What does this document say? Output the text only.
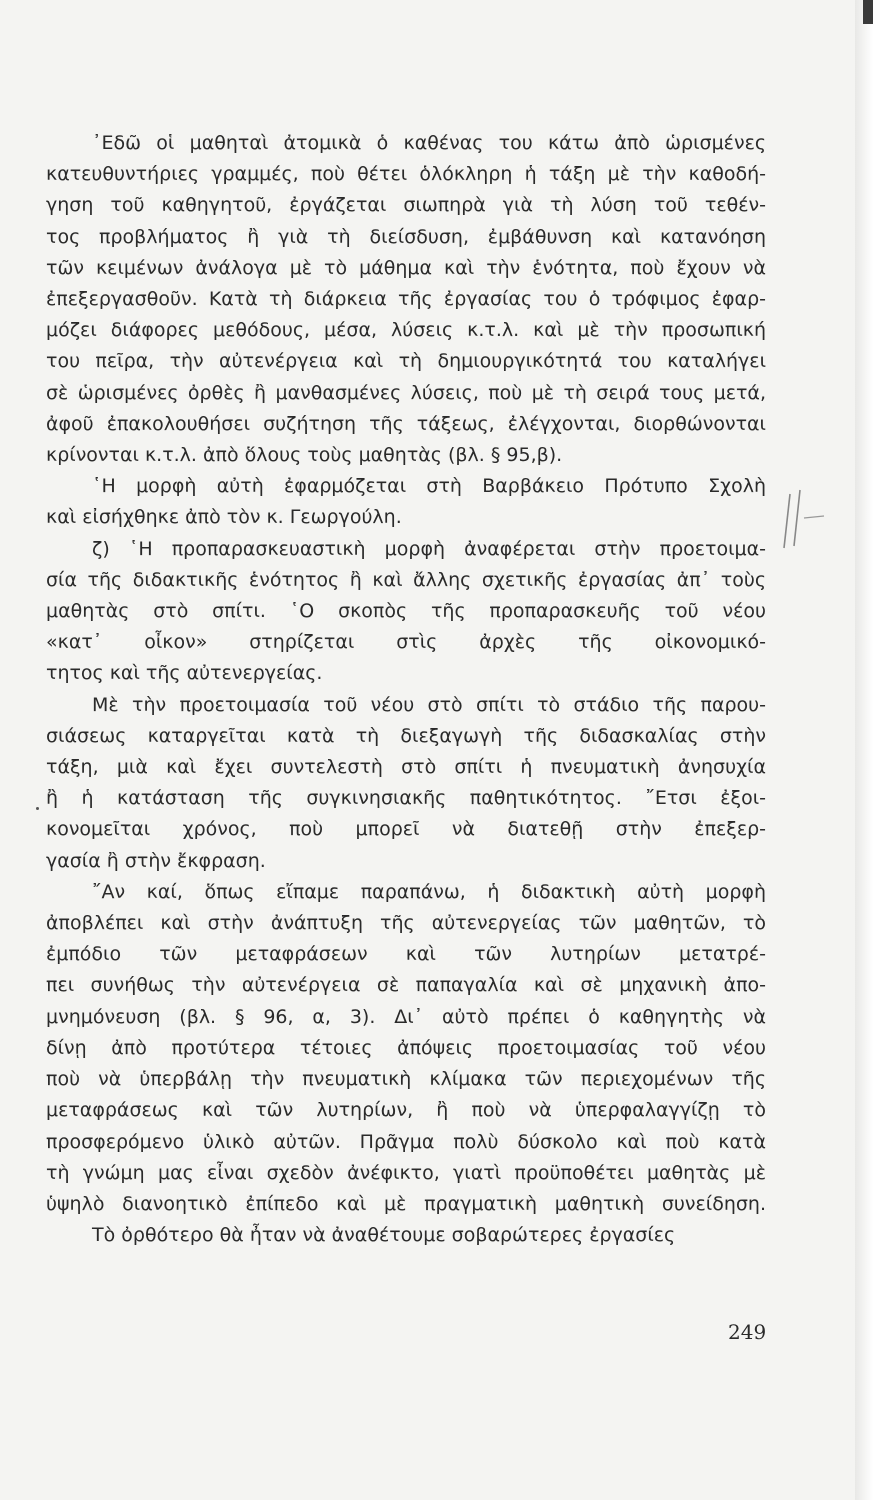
᾿Εδῶ οἱ μαθηταὶ ἀτομικὰ ὁ καθένας του κάτω ἀπὸ ὡρισμένες
κατευθυντήριες γραμμές, ποὺ θέτει ὁλόκληρη ἡ τάξη μὲ τὴν καθοδή-
γηση τοῦ καθηγητοῦ, ἐργάζεται σιωπηρὰ γιὰ τὴ λύση τοῦ τεθέν-
τος προβλήματος ἢ γιὰ τὴ διείσδυση, ἐμβάθυνση καὶ κατανόηση
τῶν κειμένων ἀνάλογα μὲ τὸ μάθημα καὶ τὴν ἑνότητα, ποὺ ἔχουν νὰ
ἐπεξεργασθοῦν. Κατὰ τὴ διάρκεια τῆς ἐργασίας του ὁ τρόφιμος ἐφαρ-
μόζει διάφορες μεθόδους, μέσα, λύσεις κ.τ.λ. καὶ μὲ τὴν προσωπική
του πεῖρα, τὴν αὐτενέργεια καὶ τὴ δημιουργικότητά του καταλήγει
σὲ ὡρισμένες ὀρθὲς ἢ μανθασμένες λύσεις, ποὺ μὲ τὴ σειρά τους μετά,
ἀφοῦ ἐπακολουθήσει συζήτηση τῆς τάξεως, ἐλέγχονται, διορθώνονται
κρίνονται κ.τ.λ. ἀπὸ ὅλους τοὺς μαθητὰς (βλ. § 95,β).
῾Η μορφὴ αὐτὴ ἐφαρμόζεται στὴ Βαρβάκειο Πρότυπο Σχολὴ
καὶ εἰσήχθηκε ἀπὸ τὸν κ. Γεωργούλη.
ζ) ῾Η προπαρασκευαστικὴ μορφὴ ἀναφέρεται στὴν προετοιμα-
σία τῆς διδακτικῆς ἑνότητος ἢ καὶ ἄλλης σχετικῆς ἐργασίας ἀπ᾿ τοὺς
μαθητὰς στὸ σπίτι. ῾Ο σκοπὸς τῆς προπαρασκευῆς τοῦ νέου
«κατ᾿ οἶκον» στηρίζεται στὶς ἀρχὲς τῆς οἰκονομικό-
τητος καὶ τῆς αὐτενεργείας.
Μὲ τὴν προετοιμασία τοῦ νέου στὸ σπίτι τὸ στάδιο τῆς παρου-
σιάσεως καταργεῖται κατὰ τὴ διεξαγωγὴ τῆς διδασκαλίας στὴν
τάξη, μιὰ καὶ ἔχει συντελεστὴ στὸ σπίτι ἡ πνευματικὴ ἀνησυχία
ἢ ἡ κατάσταση τῆς συγκινησιακῆς παθητικότητος. ῎Ετσι ἐξοι-
κονομεῖται χρόνος, ποὺ μπορεῖ νὰ διατεθῇ στὴν ἐπεξερ-
γασία ἢ στὴν ἔκφραση.
῎Αν καί, ὅπως εἴπαμε παραπάνω, ἡ διδακτικὴ αὐτὴ μορφὴ
ἀποβλέπει καὶ στὴν ἀνάπτυξη τῆς αὐτενεργείας τῶν μαθητῶν, τὸ
ἐμπόδιο τῶν μεταφράσεων καὶ τῶν λυτηρίων μετατρέ-
πει συνήθως τὴν αὐτενέργεια σὲ παπαγαλία καὶ σὲ μηχανικὴ ἀπο-
μνημόνευση (βλ. § 96, α, 3). Δι᾿ αὐτὸ πρέπει ὁ καθηγητὴς νὰ
δίνῃ ἀπὸ προτύτερα τέτοιες ἀπόψεις προετοιμασίας τοῦ νέου
ποὺ νὰ ὑπερβάλῃ τὴν πνευματικὴ κλίμακα τῶν περιεχομένων τῆς
μεταφράσεως καὶ τῶν λυτηρίων, ἢ ποὺ νὰ ὑπερφαλαγγίζῃ τὸ
προσφερόμενο ὑλικὸ αὐτῶν. Πρᾶγμα πολὺ δύσκολο καὶ ποὺ κατὰ
τὴ γνώμη μας εἶναι σχεδὸν ἀνέφικτο, γιατὶ προϋποθέτει μαθητὰς μὲ
ὑψηλὸ διανοητικὸ ἐπίπεδο καὶ μὲ πραγματικὴ μαθητικὴ συνείδηση.
Τὸ ὀρθότερο θὰ ἦταν νὰ ἀναθέτουμε σοβαρώτερες ἐργασίες
249
